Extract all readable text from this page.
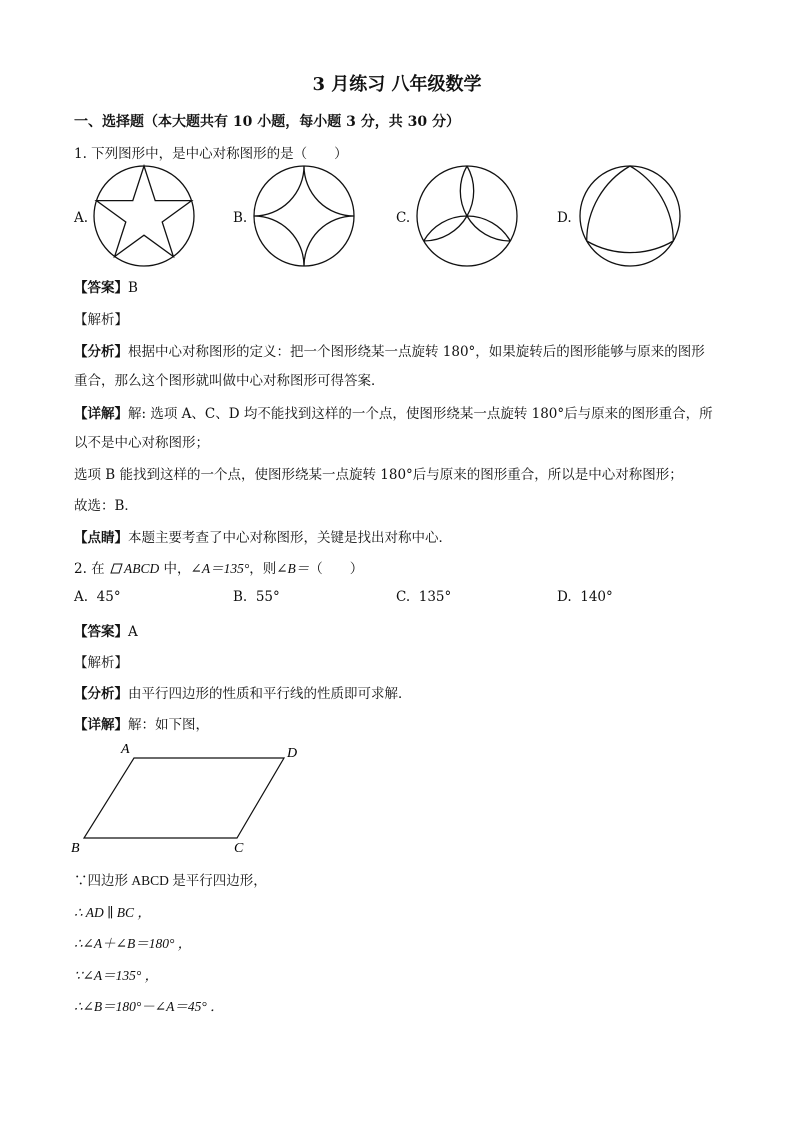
3 月练习 八年级数学
一、选择题（本大题共有 10 小题，每小题 3 分，共 30 分）
1. 下列图形中，是中心对称图形的是（　　）
A.	B.	C.	D.
【答案】B
【解析】
【分析】根据中心对称图形的定义：把一个图形绕某一点旋转 180°，如果旋转后的图形能够与原来的图形
重合，那么这个图形就叫做中心对称图形可得答案．
【详解】解: 选项 A、C、D 均不能找到这样的一个点，使图形绕某一点旋转 180°后与原来的图形重合，所
以不是中心对称图形；
选项 B 能找到这样的一个点，使图形绕某一点旋转 180°后与原来的图形重合，所以是中心对称图形；
故选：B．
【点睛】本题主要考查了中心对称图形，关键是找出对称中心．
2. 在 ABCD 中，∠A＝135°，则∠B＝（　　）
A. 45°	B. 55°	C. 135°	D. 140°
【答案】A
【解析】
【分析】由平行四边形的性质和平行线的性质即可求解．
【详解】解：如下图，
A	D
B	C
∵四边形 ABCD 是平行四边形，
∴ AD ∥ BC ，
∴∠A＋∠B＝180° ，
∵∠A＝135° ，
∴∠B＝180°－∠A＝45° ．
